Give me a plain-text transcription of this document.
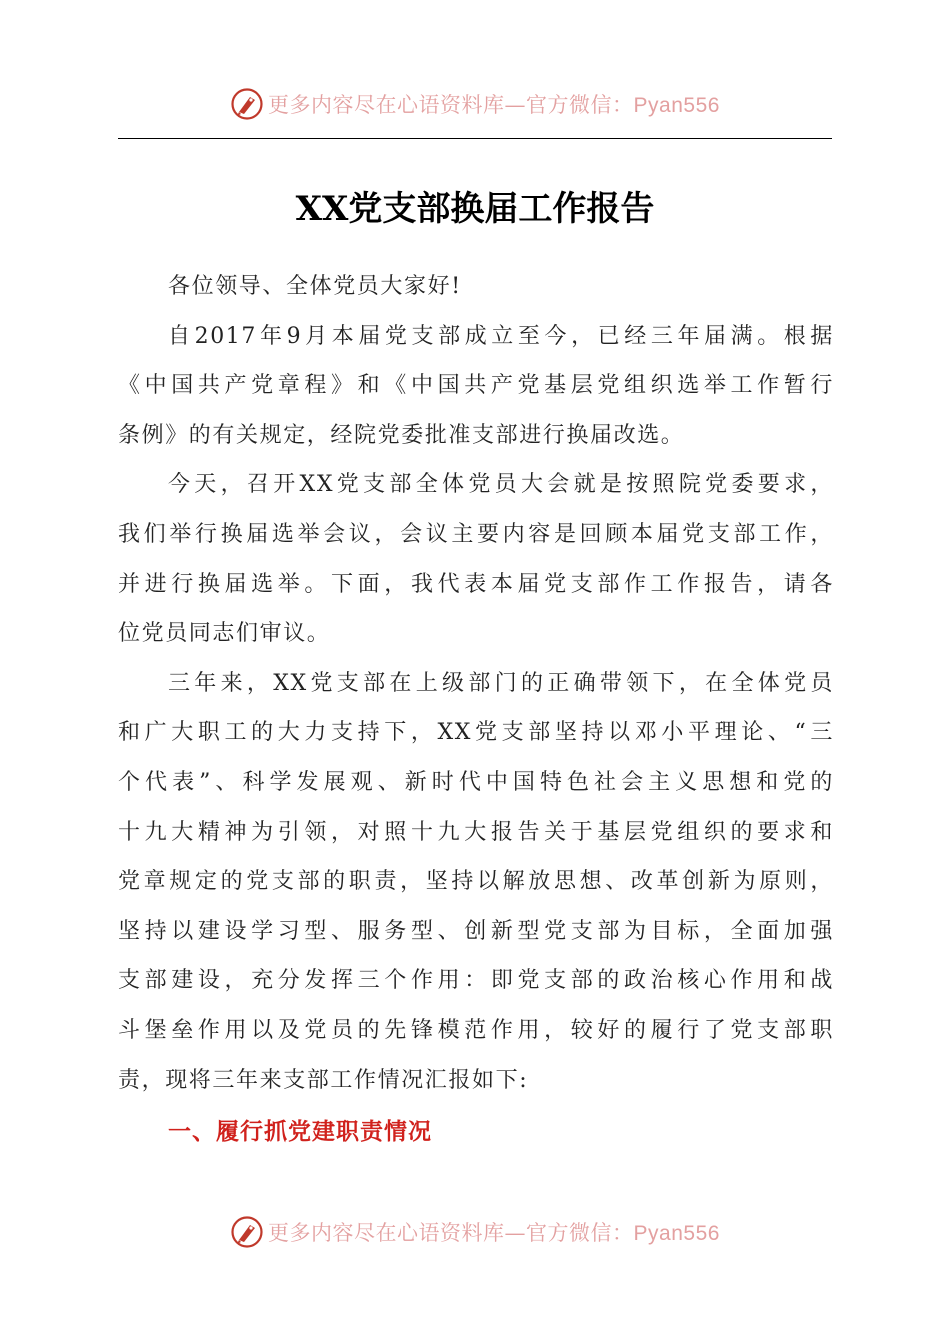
更多内容尽在心语资料库—官方微信：Pyan556
XX党支部换届工作报告

各位领导、全体党员大家好!

自2017年9月本届党支部成立至今，已经三年届满。根据
《中国共产党章程》和《中国共产党基层党组织选举工作暂行
条例》的有关规定，经院党委批准支部进行换届改选。

今天，召开XX党支部全体党员大会就是按照院党委要求，
我们举行换届选举会议，会议主要内容是回顾本届党支部工作，
并进行换届选举。下面，我代表本届党支部作工作报告，请各
位党员同志们审议。

三年来，XX党支部在上级部门的正确带领下，在全体党员
和广大职工的大力支持下，XX党支部坚持以邓小平理论、“三
个代表”、科学发展观、新时代中国特色社会主义思想和党的
十九大精神为引领，对照十九大报告关于基层党组织的要求和
党章规定的党支部的职责，坚持以解放思想、改革创新为原则，
坚持以建设学习型、服务型、创新型党支部为目标，全面加强
支部建设，充分发挥三个作用：即党支部的政治核心作用和战
斗堡垒作用以及党员的先锋模范作用，较好的履行了党支部职
责，现将三年来支部工作情况汇报如下:

一、履行抓党建职责情况
更多内容尽在心语资料库—官方微信：Pyan556
